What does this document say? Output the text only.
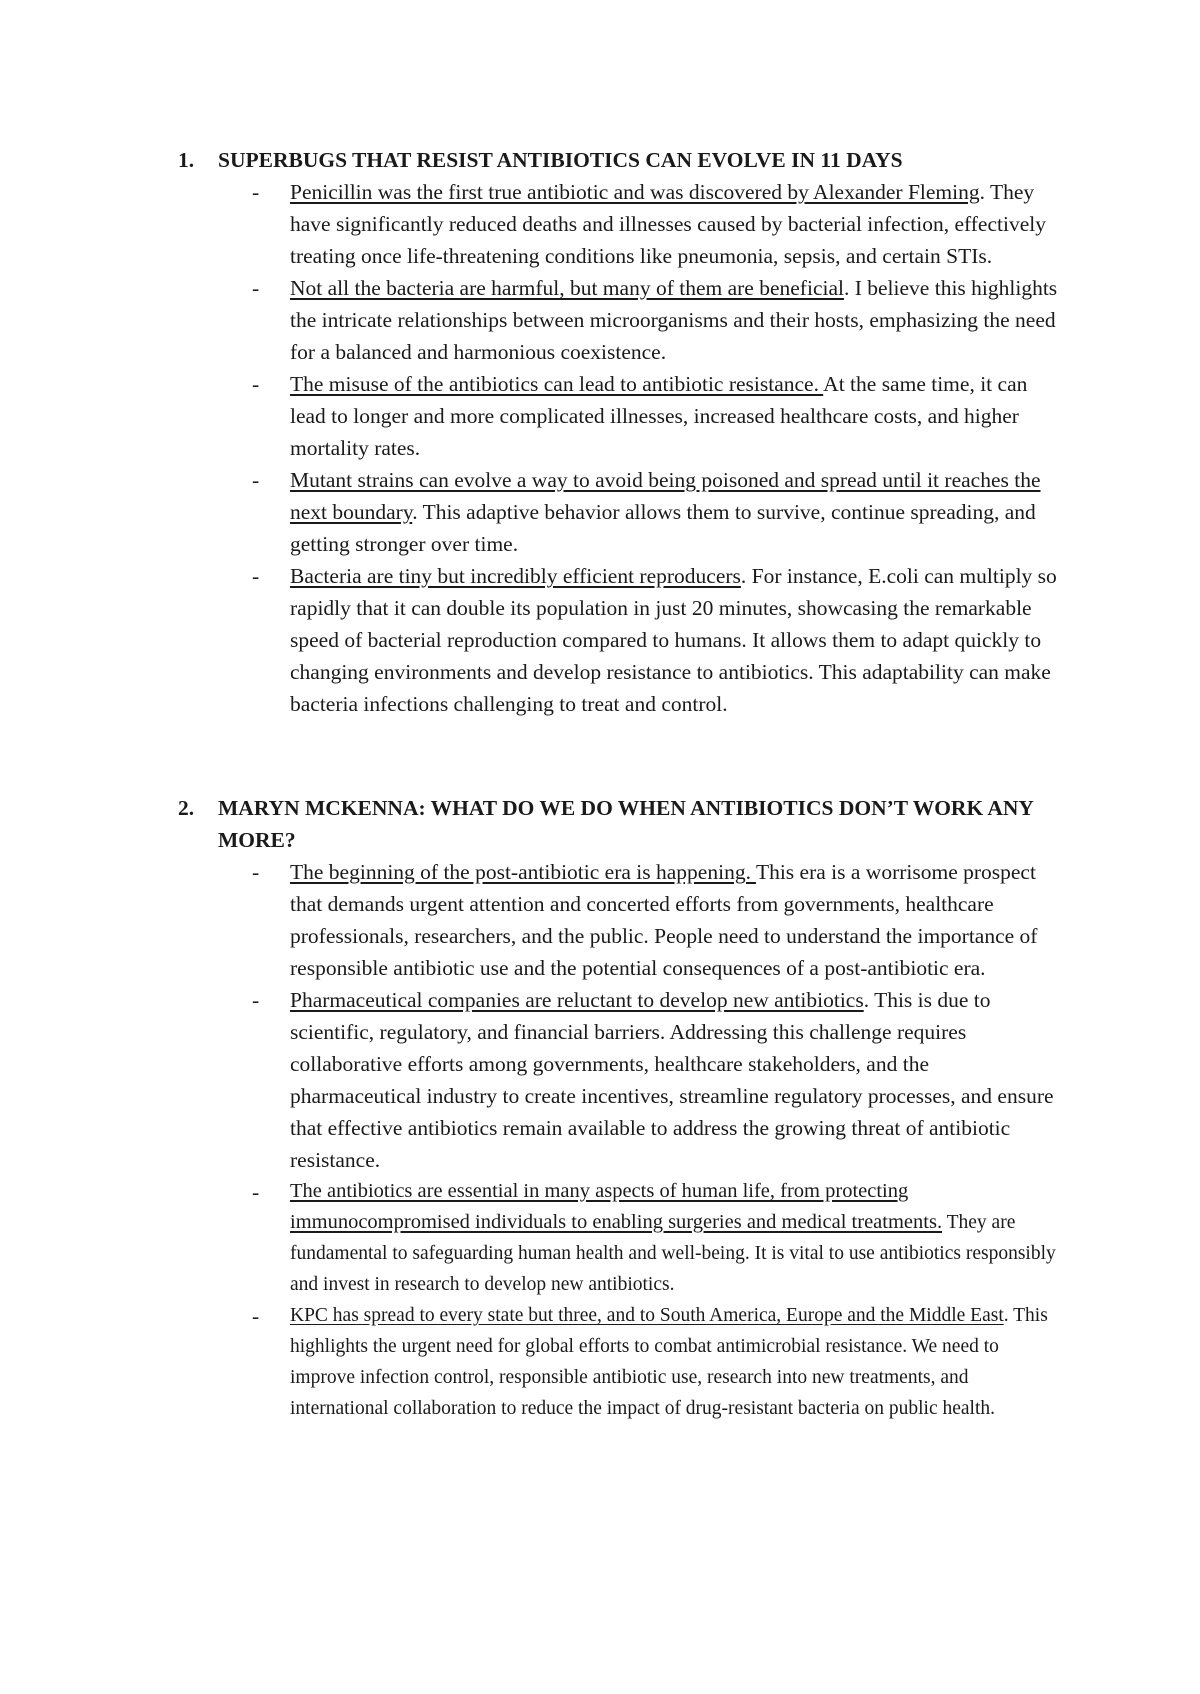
1.	SUPERBUGS THAT RESIST ANTIBIOTICS CAN EVOLVE IN 11 DAYS
-	Penicillin was the first true antibiotic and was discovered by Alexander Fleming. They have significantly reduced deaths and illnesses caused by bacterial infection, effectively treating once life-threatening conditions like pneumonia, sepsis, and certain STIs.
-	Not all the bacteria are harmful, but many of them are beneficial. I believe this highlights the intricate relationships between microorganisms and their hosts, emphasizing the need for a balanced and harmonious coexistence.
-	The misuse of the antibiotics can lead to antibiotic resistance. At the same time, it can lead to longer and more complicated illnesses, increased healthcare costs, and higher mortality rates.
-	Mutant strains can evolve a way to avoid being poisoned and spread until it reaches the next boundary. This adaptive behavior allows them to survive, continue spreading, and getting stronger over time.
-	Bacteria are tiny but incredibly efficient reproducers. For instance, E.coli can multiply so rapidly that it can double its population in just 20 minutes, showcasing the remarkable speed of bacterial reproduction compared to humans. It allows them to adapt quickly to changing environments and develop resistance to antibiotics. This adaptability can make bacteria infections challenging to treat and control.
2.	MARYN MCKENNA: WHAT DO WE DO WHEN ANTIBIOTICS DON’T WORK ANY MORE?
-	The beginning of the post-antibiotic era is happening. This era is a worrisome prospect that demands urgent attention and concerted efforts from governments, healthcare professionals, researchers, and the public. People need to understand the importance of responsible antibiotic use and the potential consequences of a post-antibiotic era.
-	Pharmaceutical companies are reluctant to develop new antibiotics. This is due to scientific, regulatory, and financial barriers. Addressing this challenge requires collaborative efforts among governments, healthcare stakeholders, and the pharmaceutical industry to create incentives, streamline regulatory processes, and ensure that effective antibiotics remain available to address the growing threat of antibiotic resistance.
-	The antibiotics are essential in many aspects of human life, from protecting immunocompromised individuals to enabling surgeries and medical treatments. They are fundamental to safeguarding human health and well-being. It is vital to use antibiotics responsibly and invest in research to develop new antibiotics.
-	KPC has spread to every state but three, and to South America, Europe and the Middle East. This highlights the urgent need for global efforts to combat antimicrobial resistance. We need to improve infection control, responsible antibiotic use, research into new treatments, and international collaboration to reduce the impact of drug-resistant bacteria on public health.
